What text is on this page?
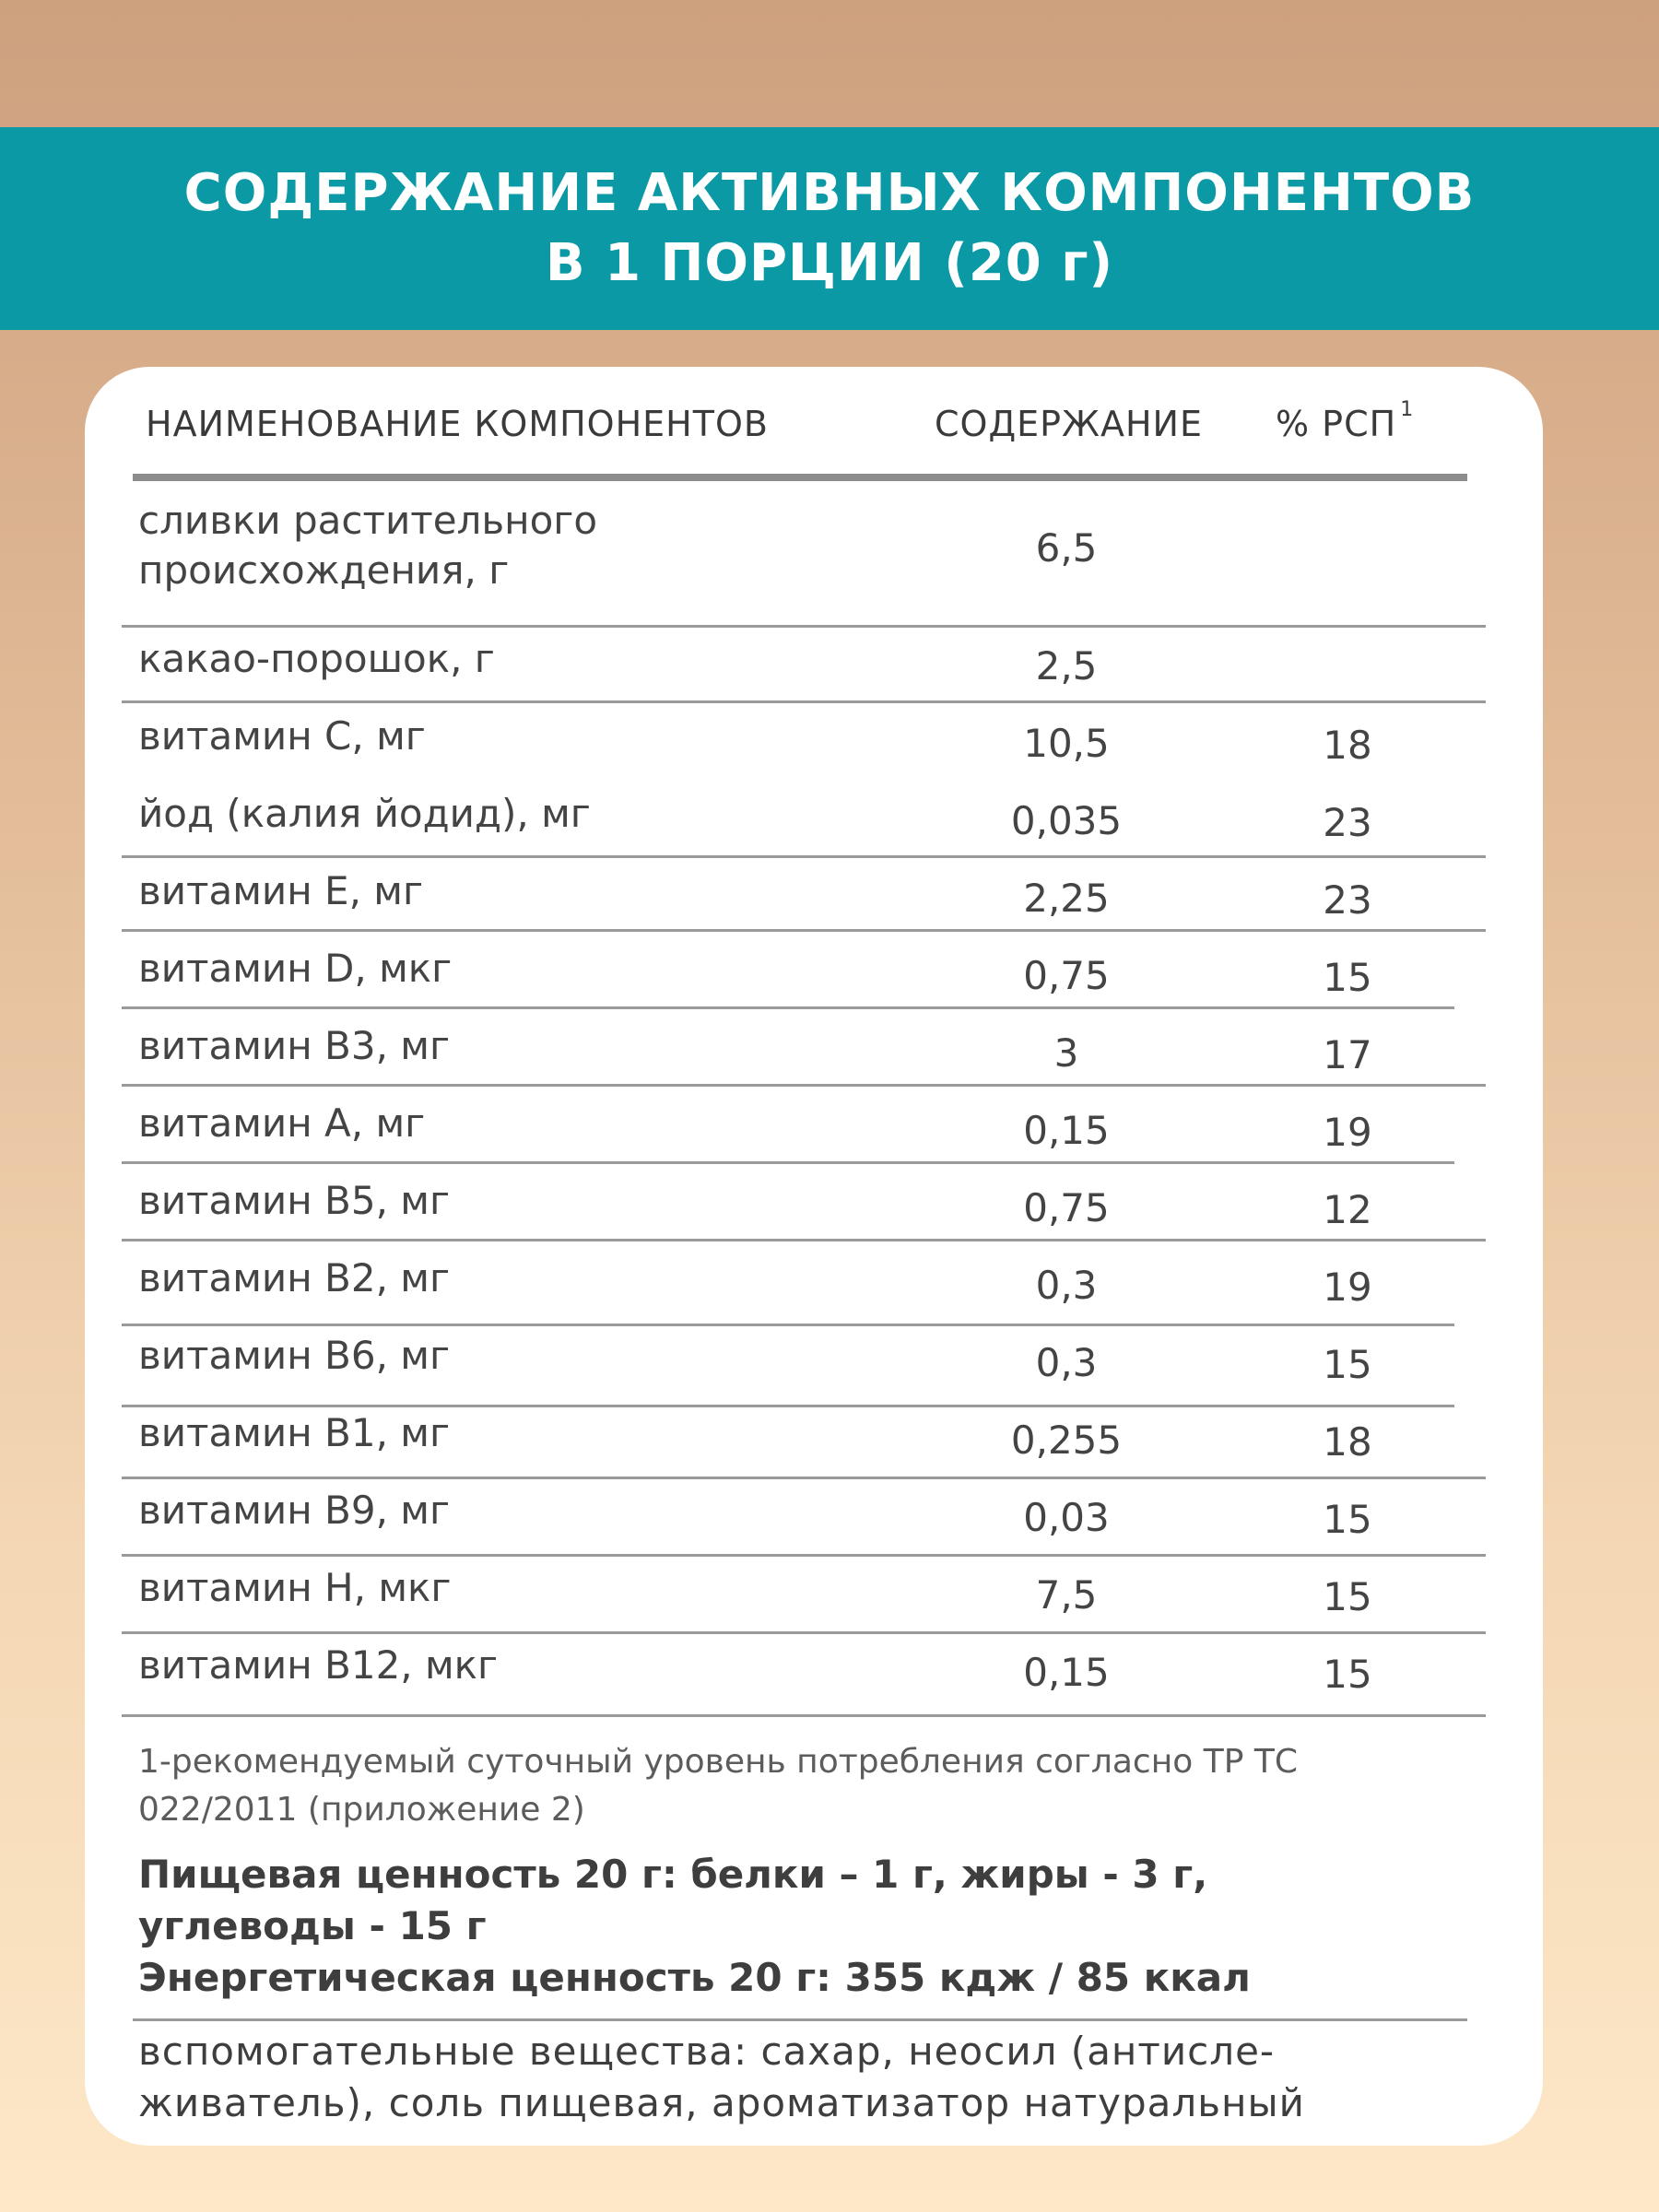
СОДЕРЖАНИЕ АКТИВНЫХ КОМПОНЕНТОВ
В 1 ПОРЦИИ (20 г)
НАИМЕНОВАНИЕ КОМПОНЕНТОВ	СОДЕРЖАНИЕ % РСП $^1$
сливки растительного
происхождения, г	6,5
какао-порошок, г	2,5
витамин С, мг	10,5	18
йод (калия йодид), мг	0,035	23
витамин Е, мг	2,25	23
витамин D, мкг	0,75	15
витамин В3, мг	3	17
витамин А, мг	0,15	19
витамин В5, мг	0,75	12
витамин В2, мг	0,3	19
витамин В6, мг	0,3	15
витамин В1, мг	0,255	18
витамин В9, мг	0,03	15
витамин Н, мкг	7,5	15
витамин В12, мкг	0,15	15
1-рекомендуемый суточный уровень потребления согласно ТР ТС
022/2011 (приложение 2)
Пищевая ценность 20 г: белки – 1 г, жиры - 3 г,
углеводы - 15 г
Энергетическая ценность 20 г: 355 кдж / 85 ккал
вспомогательные вещества: сахар, неосил (антисле-
живатель), соль пищевая, ароматизатор натуральный
